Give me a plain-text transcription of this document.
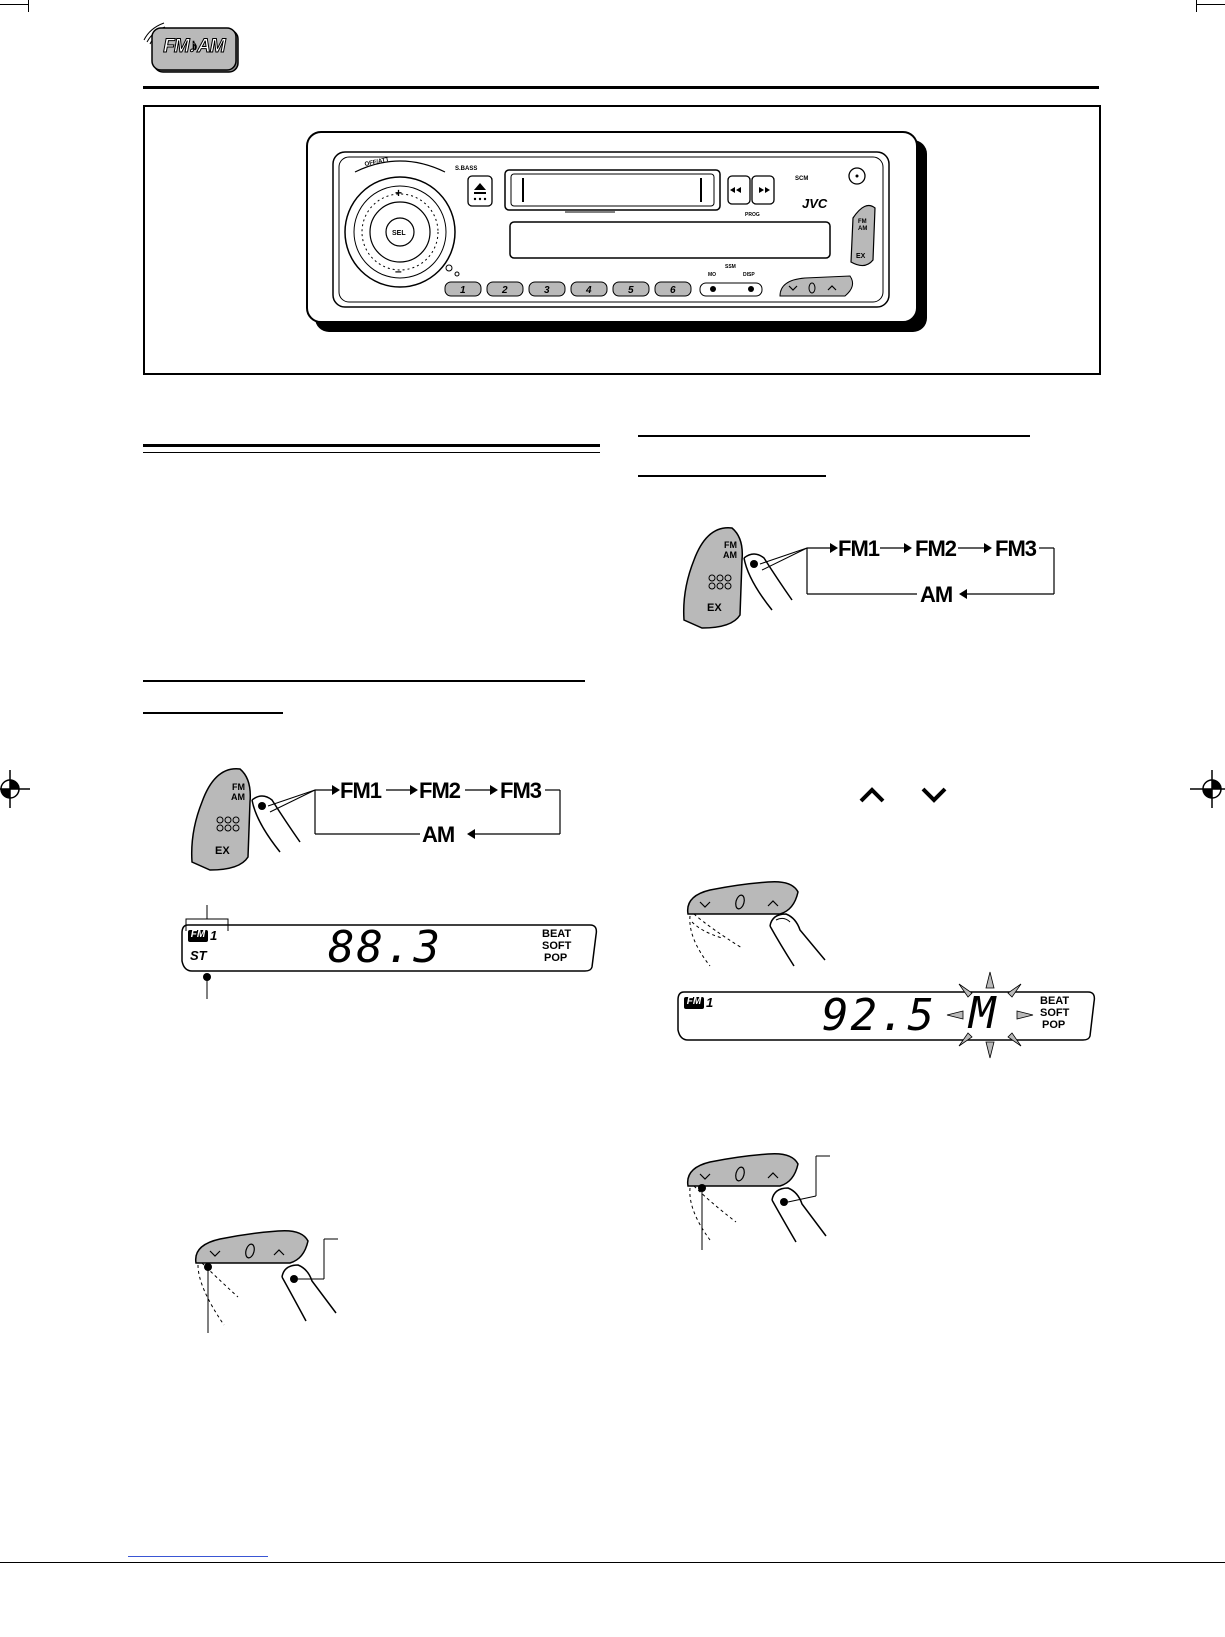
FM♪AM
S.BASS
PROG
JVC
SCM
FM
AM
EX
SEL
OFF/ATT
+
–
1	2	3	4	5	6
SSM
MO	DISP
FM
AM
EX
FM1 FM2 FM3
AM
FM
AM
EX
FM1 FM2 FM3
AM
FM 1
ST	88.3	BEAT
SOFT
POP
FM 1 92.5	BEAT
SOFT
POP
M
